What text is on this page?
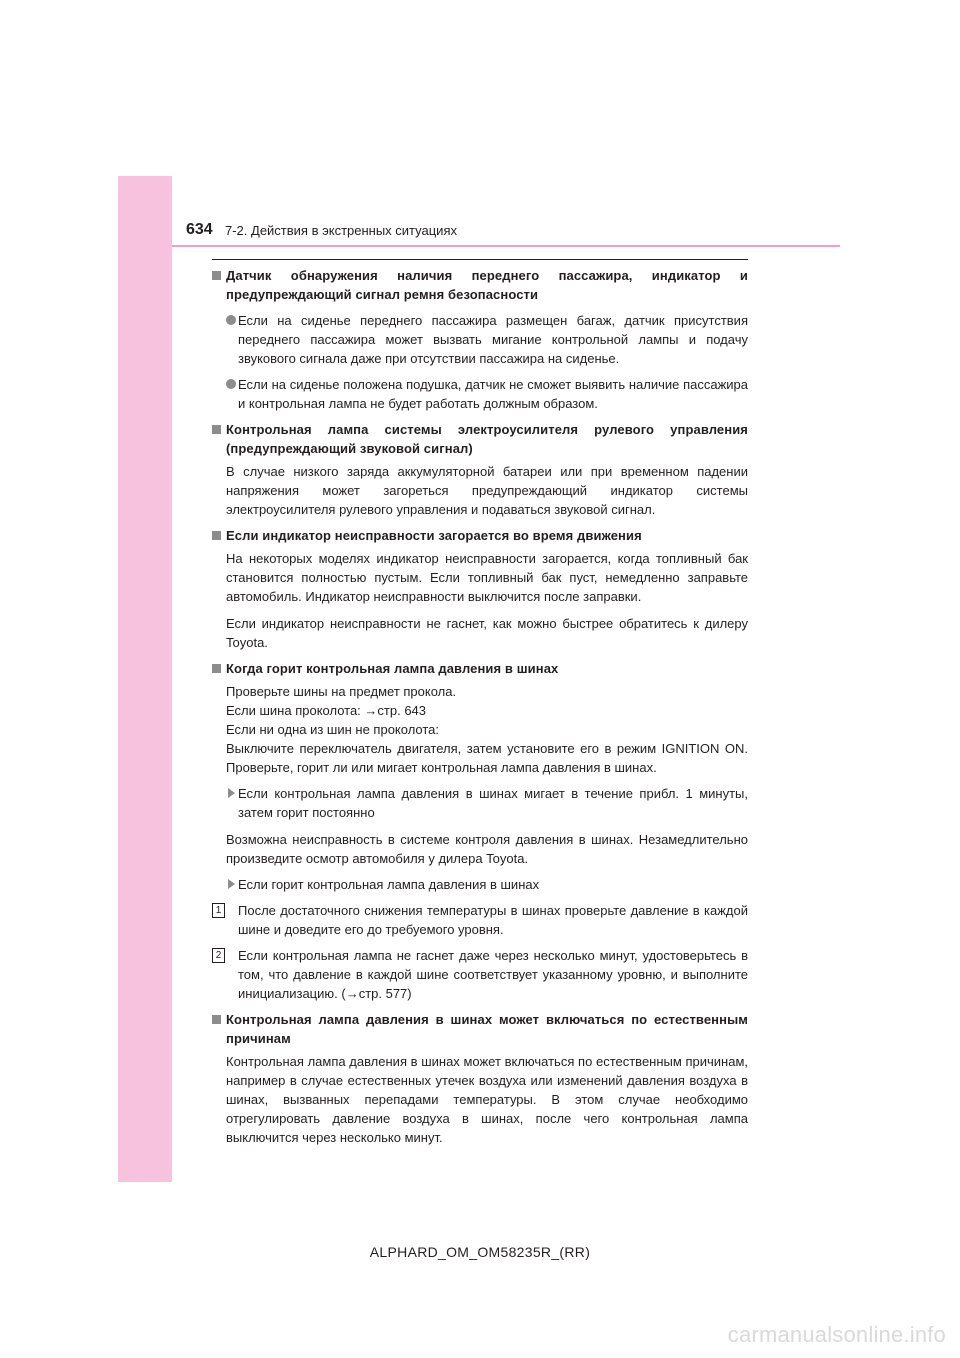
634 7-2. Действия в экстренных ситуациях
Датчик обнаружения наличия переднего пассажира, индикатор и предупреждающий сигнал ремня безопасности
Если на сиденье переднего пассажира размещен багаж, датчик присутствия переднего пассажира может вызвать мигание контрольной лампы и подачу звукового сигнала даже при отсутствии пассажира на сиденье.
Если на сиденье положена подушка, датчик не сможет выявить наличие пассажира и контрольная лампа не будет работать должным образом.
Контрольная лампа системы электроусилителя рулевого управления (предупреждающий звуковой сигнал)

В случае низкого заряда аккумуляторной батареи или при временном падении напряжения может загореться предупреждающий индикатор системы электроусилителя рулевого управления и подаваться звуковой сигнал.

Если индикатор неисправности загорается во время движения

На некоторых моделях индикатор неисправности загорается, когда топливный бак становится полностью пустым. Если топливный бак пуст, немедленно заправьте автомобиль. Индикатор неисправности выключится после заправки.

Если индикатор неисправности не гаснет, как можно быстрее обратитесь к дилеру Toyota.

Когда горит контрольная лампа давления в шинах

Проверьте шины на предмет прокола.

Если шина проколота: →стр. 643

Если ни одна из шин не проколота:

Выключите переключатель двигателя, затем установите его в режим IGNITION ON. Проверьте, горит ли или мигает контрольная лампа давления в шинах.

Если контрольная лампа давления в шинах мигает в течение прибл. 1 минуты, затем горит постоянно

Возможна неисправность в системе контроля давления в шинах. Незамедлительно произведите осмотр автомобиля у дилера Toyota.

Если горит контрольная лампа давления в шинах
1 После достаточного снижения температуры в шинах проверьте давление в каждой шине и доведите его до требуемого уровня.
2 Если контрольная лампа не гаснет даже через несколько минут, удостоверьтесь в том, что давление в каждой шине соответствует указанному уровню, и выполните инициализацию. (→стр. 577)
Контрольная лампа давления в шинах может включаться по естественным причинам

Контрольная лампа давления в шинах может включаться по естественным причинам, например в случае естественных утечек воздуха или изменений давления воздуха в шинах, вызванных перепадами температуры. В этом случае необходимо отрегулировать давление воздуха в шинах, после чего контрольная лампа выключится через несколько минут.

ALPHARD_OM_OM58235R_(RR)
carmanualsonline.info
